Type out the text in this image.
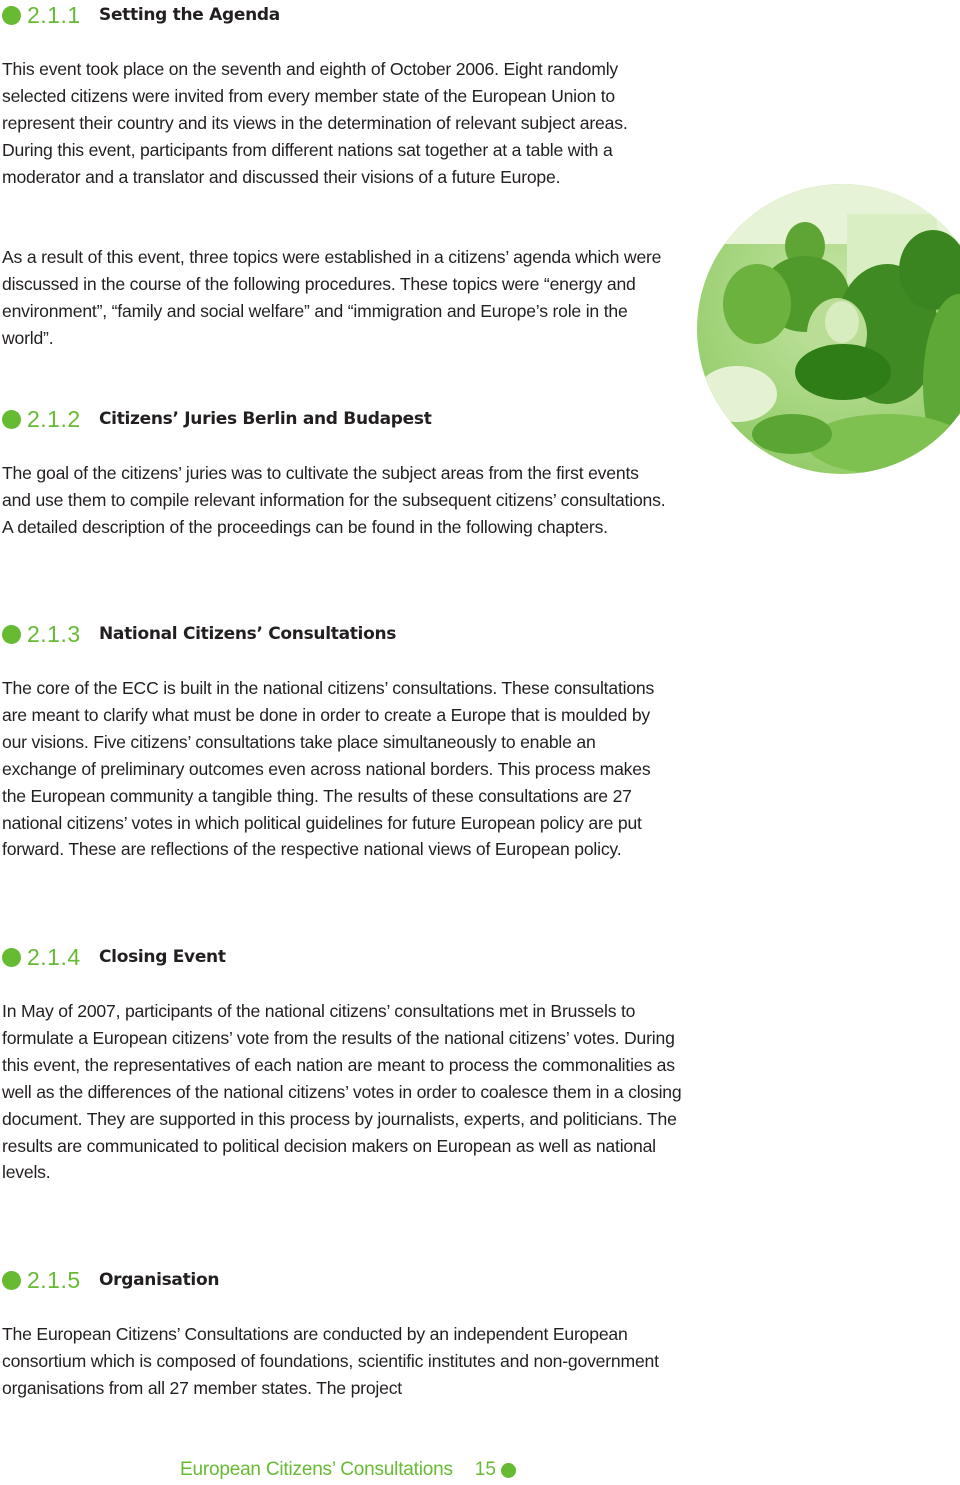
2.1.1	Setting the Agenda

This event took place on the seventh and eighth of October 2006. Eight randomly selected citizens were invited from every member state of the European Union to represent their country and its views in the determination of relevant subject areas. During this event, participants from different nations sat together at a table with a moderator and a translator and discussed their visions of a future Europe.

As a result of this event, three topics were established in a citizens’ agenda which were discussed in the course of the following procedures. These topics were “energy and environment”, “family and social welfare” and “immigration and Europe’s role in the world”.

2.1.2	Citizens’ Juries Berlin and Budapest

The goal of the citizens’ juries was to cultivate the subject areas from the first events and use them to compile relevant information for the subsequent citizens’ consultations. A detailed description of the proceedings can be found in the following chapters.

2.1.3	National Citizens’ Consultations

The core of the ECC is built in the national citizens’ consultations. These consultations are meant to clarify what must be done in order to create a Europe that is moulded by our visions. Five citizens’ consultations take place simultaneously to enable an exchange of preliminary outcomes even across national borders. This process makes the European community a tangible thing. The results of these consultations are 27 national citizens’ votes in which political guidelines for future European policy are put forward. These are reflections of the respective national views of European policy.

2.1.4	Closing Event

In May of 2007, participants of the national citizens’ consultations met in Brussels to formulate a European citizens’ vote from the results of the national citizens’ votes. During this event, the representatives of each nation are meant to process the commonalities as well as the differences of the national citizens’ votes in order to coalesce them in a closing document. They are supported in this process by journalists, experts, and politicians. The results are communicated to political decision makers on European as well as national levels.

2.1.5	Organisation

The European Citizens’ Consultations are conducted by an independent European consortium which is composed of foundations, scientific institutes and non-government organisations from all 27 member states. The project

European Citizens’ Consultations 15
